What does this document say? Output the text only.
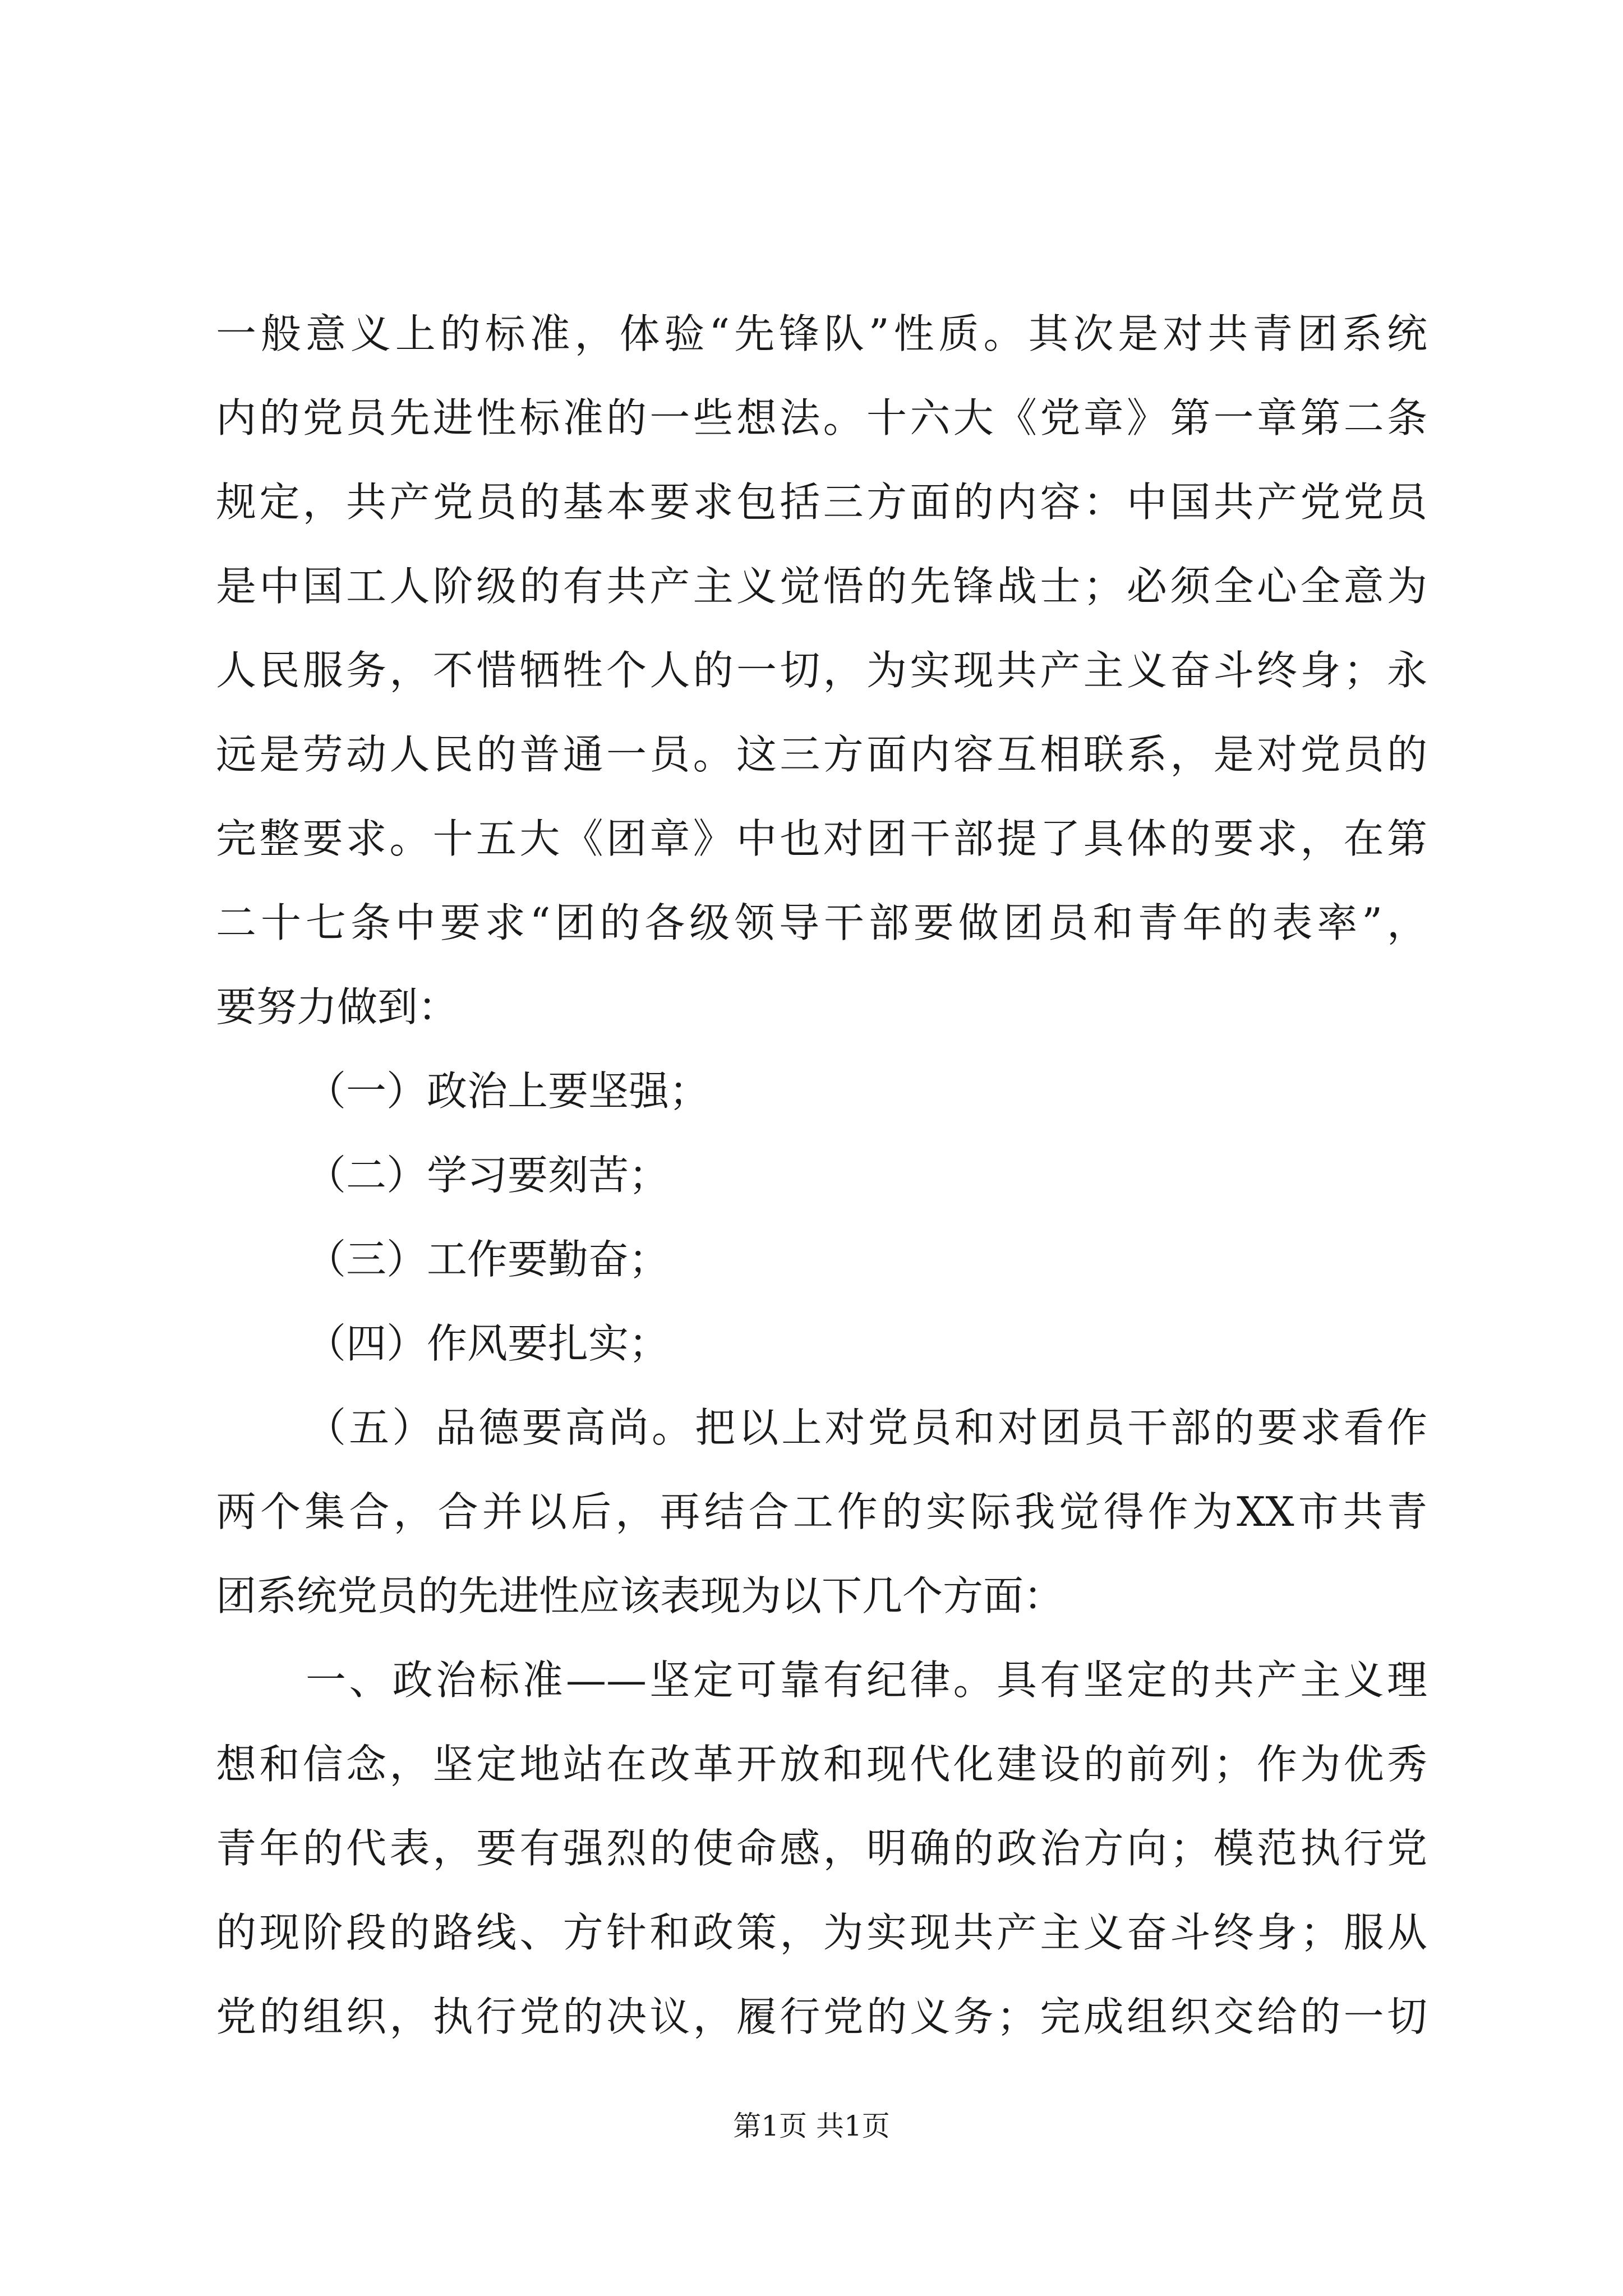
一般意义上的标准，体验“先锋队”性质。其次是对共青团系统
内的党员先进性标准的一些想法。十六大《党章》第一章第二条
规定，共产党员的基本要求包括三方面的内容：中国共产党党员
是中国工人阶级的有共产主义觉悟的先锋战士；必须全心全意为
人民服务，不惜牺牲个人的一切，为实现共产主义奋斗终身；永
远是劳动人民的普通一员。这三方面内容互相联系，是对党员的
完整要求。十五大《团章》中也对团干部提了具体的要求，在第
二十七条中要求“团的各级领导干部要做团员和青年的表率”，
要努力做到：
（一）政治上要坚强；
（二）学习要刻苦；
（三）工作要勤奋；
（四）作风要扎实；
（五）品德要高尚。把以上对党员和对团员干部的要求看作
两个集合，合并以后，再结合工作的实际我觉得作为XX市共青
团系统党员的先进性应该表现为以下几个方面：
一、政治标准——坚定可靠有纪律。具有坚定的共产主义理
想和信念，坚定地站在改革开放和现代化建设的前列；作为优秀
青年的代表，要有强烈的使命感，明确的政治方向；模范执行党
的现阶段的路线、方针和政策，为实现共产主义奋斗终身；服从
党的组织，执行党的决议，履行党的义务；完成组织交给的一切
第1页 共1页
